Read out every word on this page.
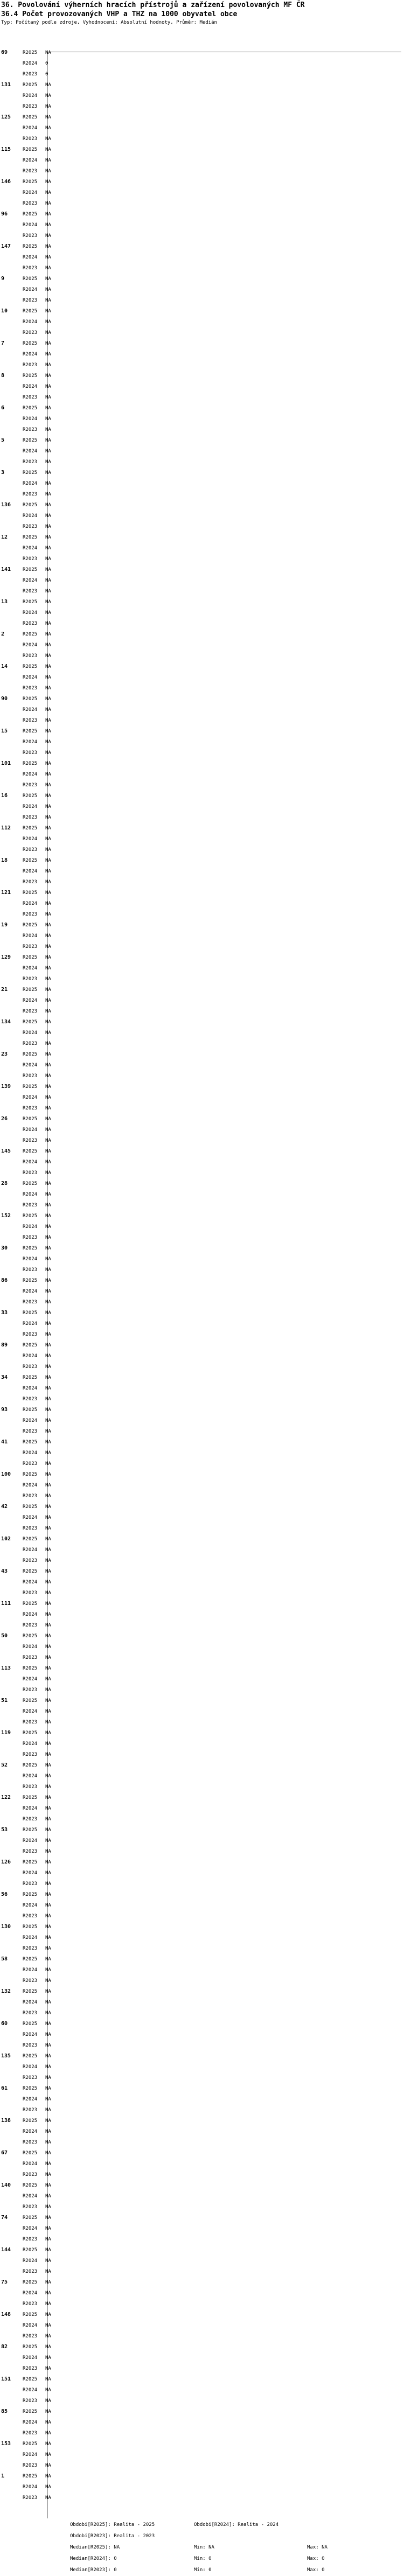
36. Povolování výherních hracích přístrojů a zařízení povolovaných MF ČR
36.4 Počet provozovaných VHP a THZ na 1000 obyvatel obce
Typ: Počítaný podle zdroje, Vyhodnocení: Absolutní hodnoty, Průměr: Medián
69	R2025 NA
R2024 0
R2023 0
131	R2025 NA
R2024 NA
R2023 NA
125	R2025 NA
R2024 NA
R2023 NA
115	R2025 NA
R2024 NA
R2023 NA
146	R2025 NA
R2024 NA
R2023 NA
96	R2025 NA
R2024 NA
R2023 NA
147	R2025 NA
R2024 NA
R2023 NA
9	R2025 NA
R2024 NA
R2023 NA
10	R2025 NA
R2024 NA
R2023 NA
7	R2025 NA
R2024 NA
R2023 NA
8	R2025 NA
R2024 NA
R2023 NA
6	R2025 NA
R2024 NA
R2023 NA
5	R2025 NA
R2024 NA
R2023 NA
3	R2025 NA
R2024 NA
R2023 NA
136	R2025 NA
R2024 NA
R2023 NA
12	R2025 NA
R2024 NA
R2023 NA
141	R2025 NA
R2024 NA
R2023 NA
13	R2025 NA
R2024 NA
R2023 NA
2	R2025 NA
R2024 NA
R2023 NA
14	R2025 NA
R2024 NA
R2023 NA
90	R2025 NA
R2024 NA
R2023 NA
15	R2025 NA
R2024 NA
R2023 NA
101	R2025 NA
R2024 NA
R2023 NA
16	R2025 NA
R2024 NA
R2023 NA
112	R2025 NA
R2024 NA
R2023 NA
18	R2025 NA
R2024 NA
R2023 NA
121	R2025 NA
R2024 NA
R2023 NA
19	R2025 NA
R2024 NA
R2023 NA
129	R2025 NA
R2024 NA
R2023 NA
21	R2025 NA
R2024 NA
R2023 NA
134	R2025 NA
R2024 NA
R2023 NA
23	R2025 NA
R2024 NA
R2023 NA
139	R2025 NA
R2024 NA
R2023 NA
26	R2025 NA
R2024 NA
R2023 NA
145	R2025 NA
R2024 NA
R2023 NA
28	R2025 NA
R2024 NA
R2023 NA
152	R2025 NA
R2024 NA
R2023 NA
30	R2025 NA
R2024 NA
R2023 NA
86	R2025 NA
R2024 NA
R2023 NA
33	R2025 NA
R2024 NA
R2023 NA
89	R2025 NA
R2024 NA
R2023 NA
34	R2025 NA
R2024 NA
R2023 NA
93	R2025 NA
R2024 NA
R2023 NA
41	R2025 NA
R2024 NA
R2023 NA
100	R2025 NA
R2024 NA
R2023 NA
42	R2025 NA
R2024 NA
R2023 NA
102	R2025 NA
R2024 NA
R2023 NA
43	R2025 NA
R2024 NA
R2023 NA
111	R2025 NA
R2024 NA
R2023 NA
50	R2025 NA
R2024 NA
R2023 NA
113	R2025 NA
R2024 NA
R2023 NA
51	R2025 NA
R2024 NA
R2023 NA
119	R2025 NA
R2024 NA
R2023 NA
52	R2025 NA
R2024 NA
R2023 NA
122	R2025 NA
R2024 NA
R2023 NA
53	R2025 NA
R2024 NA
R2023 NA
126	R2025 NA
R2024 NA
R2023 NA
56	R2025 NA
R2024 NA
R2023 NA
130	R2025 NA
R2024 NA
R2023 NA
58	R2025 NA
R2024 NA
R2023 NA
132	R2025 NA
R2024 NA
R2023 NA
60	R2025 NA
R2024 NA
R2023 NA
135	R2025 NA
R2024 NA
R2023 NA
61	R2025 NA
R2024 NA
R2023 NA
138	R2025 NA
R2024 NA
R2023 NA
67	R2025 NA
R2024 NA
R2023 NA
140	R2025 NA
R2024 NA
R2023 NA
74	R2025 NA
R2024 NA
R2023 NA
144	R2025 NA
R2024 NA
R2023 NA
75	R2025 NA
R2024 NA
R2023 NA
148	R2025 NA
R2024 NA
R2023 NA
82	R2025 NA
R2024 NA
R2023 NA
151	R2025 NA
R2024 NA
R2023 NA
85	R2025 NA
R2024 NA
R2023 NA
153	R2025 NA
R2024 NA
R2023 NA
1	R2025 NA
R2024 NA
R2023 NA
Obdobi[R2025]: Realita - 2025	Obdobi[R2024]: Realita - 2024
Obdobi[R2023]: Realita - 2023
Median[R2025]: NA	Min: NA	Max: NA
Median[R2024]: 0	Min: 0	Max: 0
Median[R2023]: 0	Min: 0	Max: 0
